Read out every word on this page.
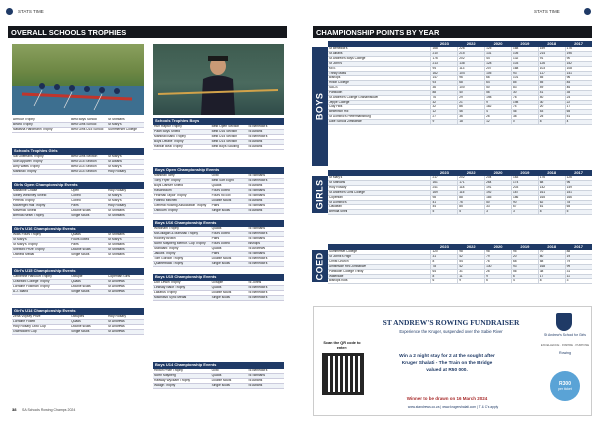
STATS TIME	STATS TIME
OVERALL SCHOOLS TROPHIES
Armour Trophy	Best Boys School	St Stithians
Beard Trophy	Best Girls School	St Mary's
Natasha Hardmann Trophy	Best Girls U15 School	Summerset College
Schools Trophies Girls
Sal Oliemans Trophy	Best Girls Section	St Mary's
Skin Apparel Trophy	Best U15 Section	St Albans
Amy Watts Trophy	Best U14 Section	St Mary's
Marshall Trophy	Best U14 Section	Holy Rosary
Girls Open Championship Events
Marianne Chase	Open	Holy Rosary
Sibley Welchley Shield	Coxed	St Mary's
Pereira Trophy	Coxed	St Mary's
McMerget Hall Trophy	Pairs	Holy Rosary
Maverick Shield	Double sculls	St Stithians
Brenda Nesel Trophy	Single sculls	St Stithians
Girl's U16 Championship Events
Willis Fours Trophy	Quads	St Stithians
St Mary's	Fours coxed	St Mary's
St Mary's Trophy	Pairs	St Stithians
Shelford Prize Trophy	Double sculls	St Stithians
Oldfield Medal	Single sculls	St Stithians
Girl's U15 Championship Events
Catherine Harcourt Trophy	Octuple	Copenfan Girls
Crawford College Trophy	Quads	St Andrews
Lorraine Folkman Trophy	Double sculls	St Andrews
A.J. Bland	Single sculls	St Andrews
Girl's U14 Championship Events
Zena Voysey Prize	Octuples	Holy Rosary
Lorraine Follett	Quads	St Andrews
Holy Rosary Octo Cup	Double sculls	St Andrews
Gwendolen Cup	Single sculls	St Andrews
Schools Trophies Boys
Hurl Raptor Trophy	Best Open Section	St Benedict's
Paarl Boys Shield	Best U16 Section	St Albans
Marshall Bank Trophy	Best U15 Section	St Benedict's
Boys Delaxe Trophy	Best U14 Section	St Albans
Rankin Beal Trophy	Best Boys Sculling	St Albans
Boys Open Championship Events
Marshall Tarry	Octo	St Stithians
Tony Fryer Trophy	Best Sort Eight	St Benedict's
Boys Danser Shield	Quads	St Albans
Raschbaum	Fours coxed	St Stithians
Fearnall Taylor Trophy	Fours no cox	St Stithians
Faithful Mitchell	Double sculls	St Albans
General Rowing Association Trophy	Pairs	St Stithians
Osbourn Trophy	Single sculls	St Albans
Boys U16 Championship Events
Windham Trophy	Quads	St Stithians
McGillagan & Marshall Trophy	Fours coxed	St Benedict's
Rodney Brown	Pairs	St Stithians
North Mayberg Memor. Cup Trophy	Fours coxed	Bishops
Standard Trophy	Quads	St Andrews
Jakubs Trophy	Pairs	St Stithians
Tom Gordon Trophy	Double sculls	St Benedict's
Quarterback Trophy	Single sculls	St Benedict's
Boys U15 Championship Events
Don Lewin Trophy	Octuple	St Johns
Lindsay Nalor Trophy	Quads	St Benedict's
Lazarus Trophy	Double sculls	St Benedict's
Machiavo Sync Medal	Single sculls	St Benedict's
Boys U14 Championship Events
Hinton Prize Trophy	Octo	St Benedict's
North Mayberg	Quads	St Stithians
Railway Wyckam Trophy	Double sculls	St Albans
Waugh Trophy	Single sculls	St Albans
38 SA Schools Rowing Champs 2024
CHAMPIONSHIP POINTS BY YEAR
BOYS
	2023	2022	2020	2019	2018	2017
St Benedict's	168	226	125	168	159	176
St Albans	210	215	131	105	214	196
St Andrew's Boys College	176	202	44	132	91	90
St John's	213	138	128	103	126	152
KES	94	113	207	168	103	108
Trinity Mass	162	104	105	93	117	141
Bishops	147	96	66	101	55	96
Hilton College	93	68	64	85	55	84
SACS	36	100	50	83	49	46
Parktown	88	40	56	30	41	35
St Andrew's College Grahamstown	76	29	198	78	40	24
Jeppe College	32	21	9	198	30	22
Clay Hills	32	86	182	74	20	17
Bellenrich Hill	12	46	4	46	53	65
St Dominic's Pietermaritzburg	27	36	26	38	25	51
Dale School Zimbabwe	9	18	12	0	8	4
GIRLS
	2023	2022	2020	2019	2018	2017
St Mary's	217	202	204	183	176	126
St Stithians	161	171	264	174	68	96
Holy Rosary	241	118	191	203	142	149
St Andrew's Girls College	169	115	192	187	161	151
Copenfan	98	88	185	186	165	166
St Dominic's	41	76	50	90	62	78
Oakdean	44	85	33	67	61	65
Brenda Shell	5	5	3	3	8	5
COED
	2023	2022	2020	2019	2018	2017
Summerset College	120	98	98	95	70	88
St Johns's High	31	42	79	20	80	19
Christ Church	8	54	76	68	58	79
Ambleside Rec Zimbabwe	78	42	130	93	168	99
Parktown College Trinity	64	31	26	56	38	31
Waterdale	8	11	9	6	17	11
Bishops Kids	6	9	6	4	8	3
ST ANDREW'S ROWING FUNDRAISER
Experience the Kruger, suspended over the Sabie River
Scan the QR code to enter:
Win a 2 night stay for 2 at the sought after
Kruger Shalati - The Train on the Bridge
valued at R50 000.
Winner to be drawn on 16 March 2024
www.standrews.co.za | www.krugershalati.com | T & C's apply
R300
per ticket
St Andrew's School for Girls
EXCELLENCE · INSPIRE · PURPOSE
Rowing
